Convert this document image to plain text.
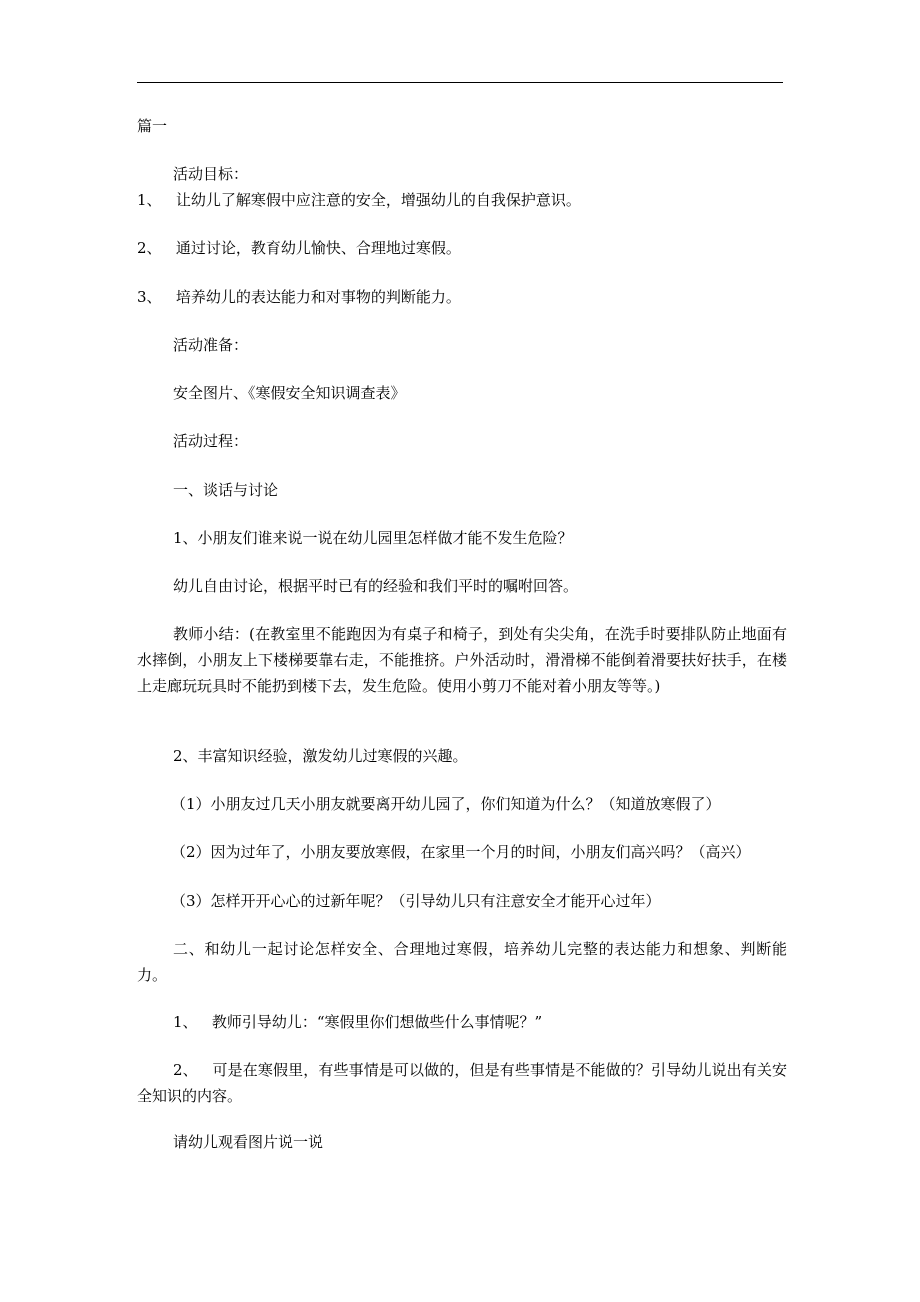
篇一

活动目标：

1、 让幼儿了解寒假中应注意的安全，增强幼儿的自我保护意识。

2、 通过讨论，教育幼儿愉快、合理地过寒假。

3、 培养幼儿的表达能力和对事物的判断能力。

活动准备：

安全图片、《寒假安全知识调查表》

活动过程：

一、谈话与讨论

1、小朋友们谁来说一说在幼儿园里怎样做才能不发生危险？

幼儿自由讨论，根据平时已有的经验和我们平时的嘱咐回答。

教师小结：(在教室里不能跑因为有桌子和椅子，到处有尖尖角，在洗手时要排队防止地面有水摔倒，小朋友上下楼梯要靠右走，不能推挤。户外活动时，滑滑梯不能倒着滑要扶好扶手，在楼上走廊玩玩具时不能扔到楼下去，发生危险。使用小剪刀不能对着小朋友等等。)

2、丰富知识经验，激发幼儿过寒假的兴趣。

（1）小朋友过几天小朋友就要离开幼儿园了，你们知道为什么？（知道放寒假了）

（2）因为过年了，小朋友要放寒假，在家里一个月的时间，小朋友们高兴吗？（高兴）

（3）怎样开开心心的过新年呢？（引导幼儿只有注意安全才能开心过年）

二、和幼儿一起讨论怎样安全、合理地过寒假，培养幼儿完整的表达能力和想象、判断能力。

1、 教师引导幼儿：“寒假里你们想做些什么事情呢？”

2、 可是在寒假里，有些事情是可以做的，但是有些事情是不能做的？引导幼儿说出有关安全知识的内容。

请幼儿观看图片说一说
